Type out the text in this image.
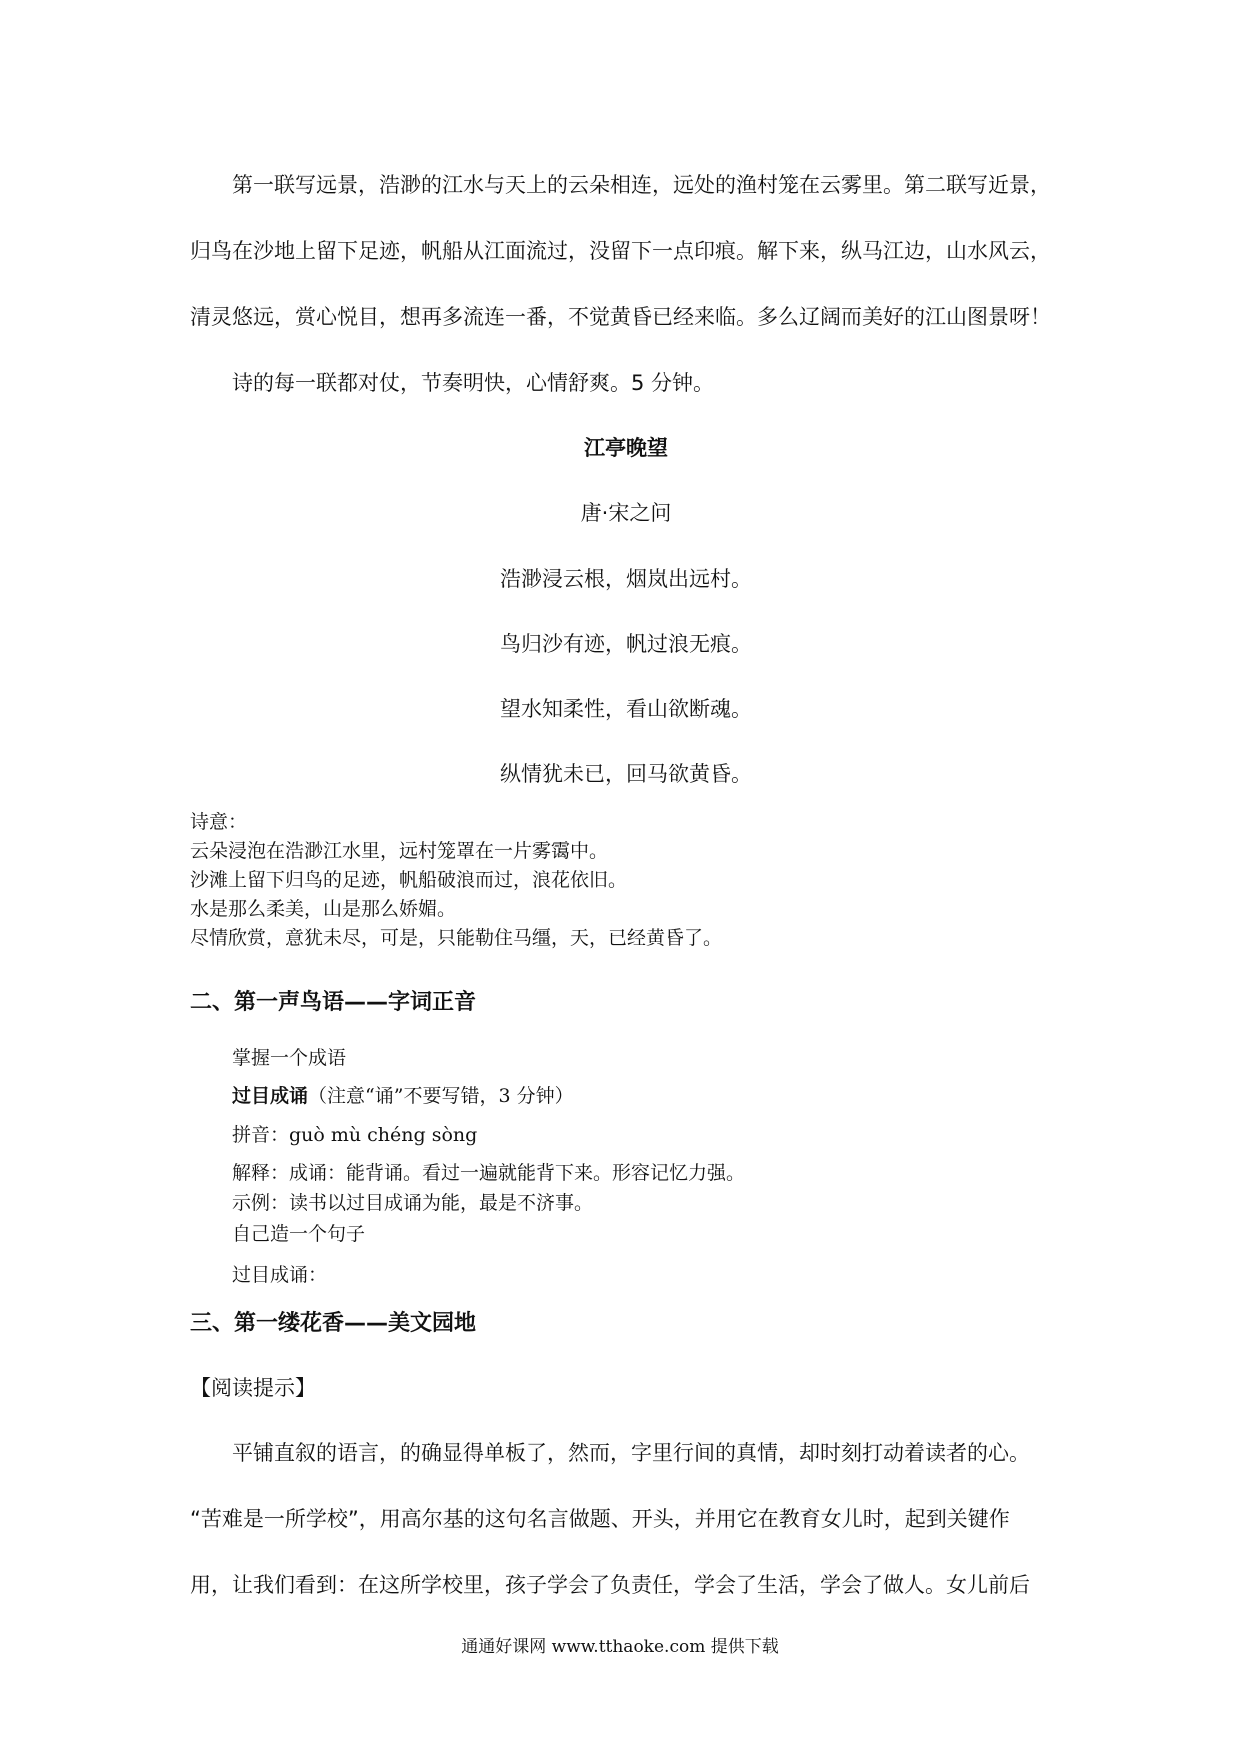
第一联写远景，浩渺的江水与天上的云朵相连，远处的渔村笼在云雾里。第二联写近景，
归鸟在沙地上留下足迹，帆船从江面流过，没留下一点印痕。解下来，纵马江边，山水风云，
清灵悠远，赏心悦目，想再多流连一番，不觉黄昏已经来临。多么辽阔而美好的江山图景呀！
诗的每一联都对仗，节奏明快，心情舒爽。5 分钟。
江亭晚望
唐·宋之问
浩渺浸云根，烟岚出远村。
鸟归沙有迹，帆过浪无痕。
望水知柔性，看山欲断魂。
纵情犹未已，回马欲黄昏。
诗意：
云朵浸泡在浩渺江水里，远村笼罩在一片雾霭中。
沙滩上留下归鸟的足迹，帆船破浪而过，浪花依旧。
水是那么柔美，山是那么娇媚。
尽情欣赏，意犹未尽，可是，只能勒住马缰，天，已经黄昏了。
二、第一声鸟语——字词正音
掌握一个成语
过目成诵（注意“诵”不要写错，3 分钟）
拼音：guò mù chéng sòng
解释：成诵：能背诵。看过一遍就能背下来。形容记忆力强。
示例：读书以过目成诵为能，最是不济事。
自己造一个句子
过目成诵：
三、第一缕花香——美文园地
【阅读提示】
平铺直叙的语言，的确显得单板了，然而，字里行间的真情，却时刻打动着读者的心。
“苦难是一所学校”，用高尔基的这句名言做题、开头，并用它在教育女儿时，起到关键作
用，让我们看到：在这所学校里，孩子学会了负责任，学会了生活，学会了做人。女儿前后
通通好课网 www.tthaoke.com 提供下载
